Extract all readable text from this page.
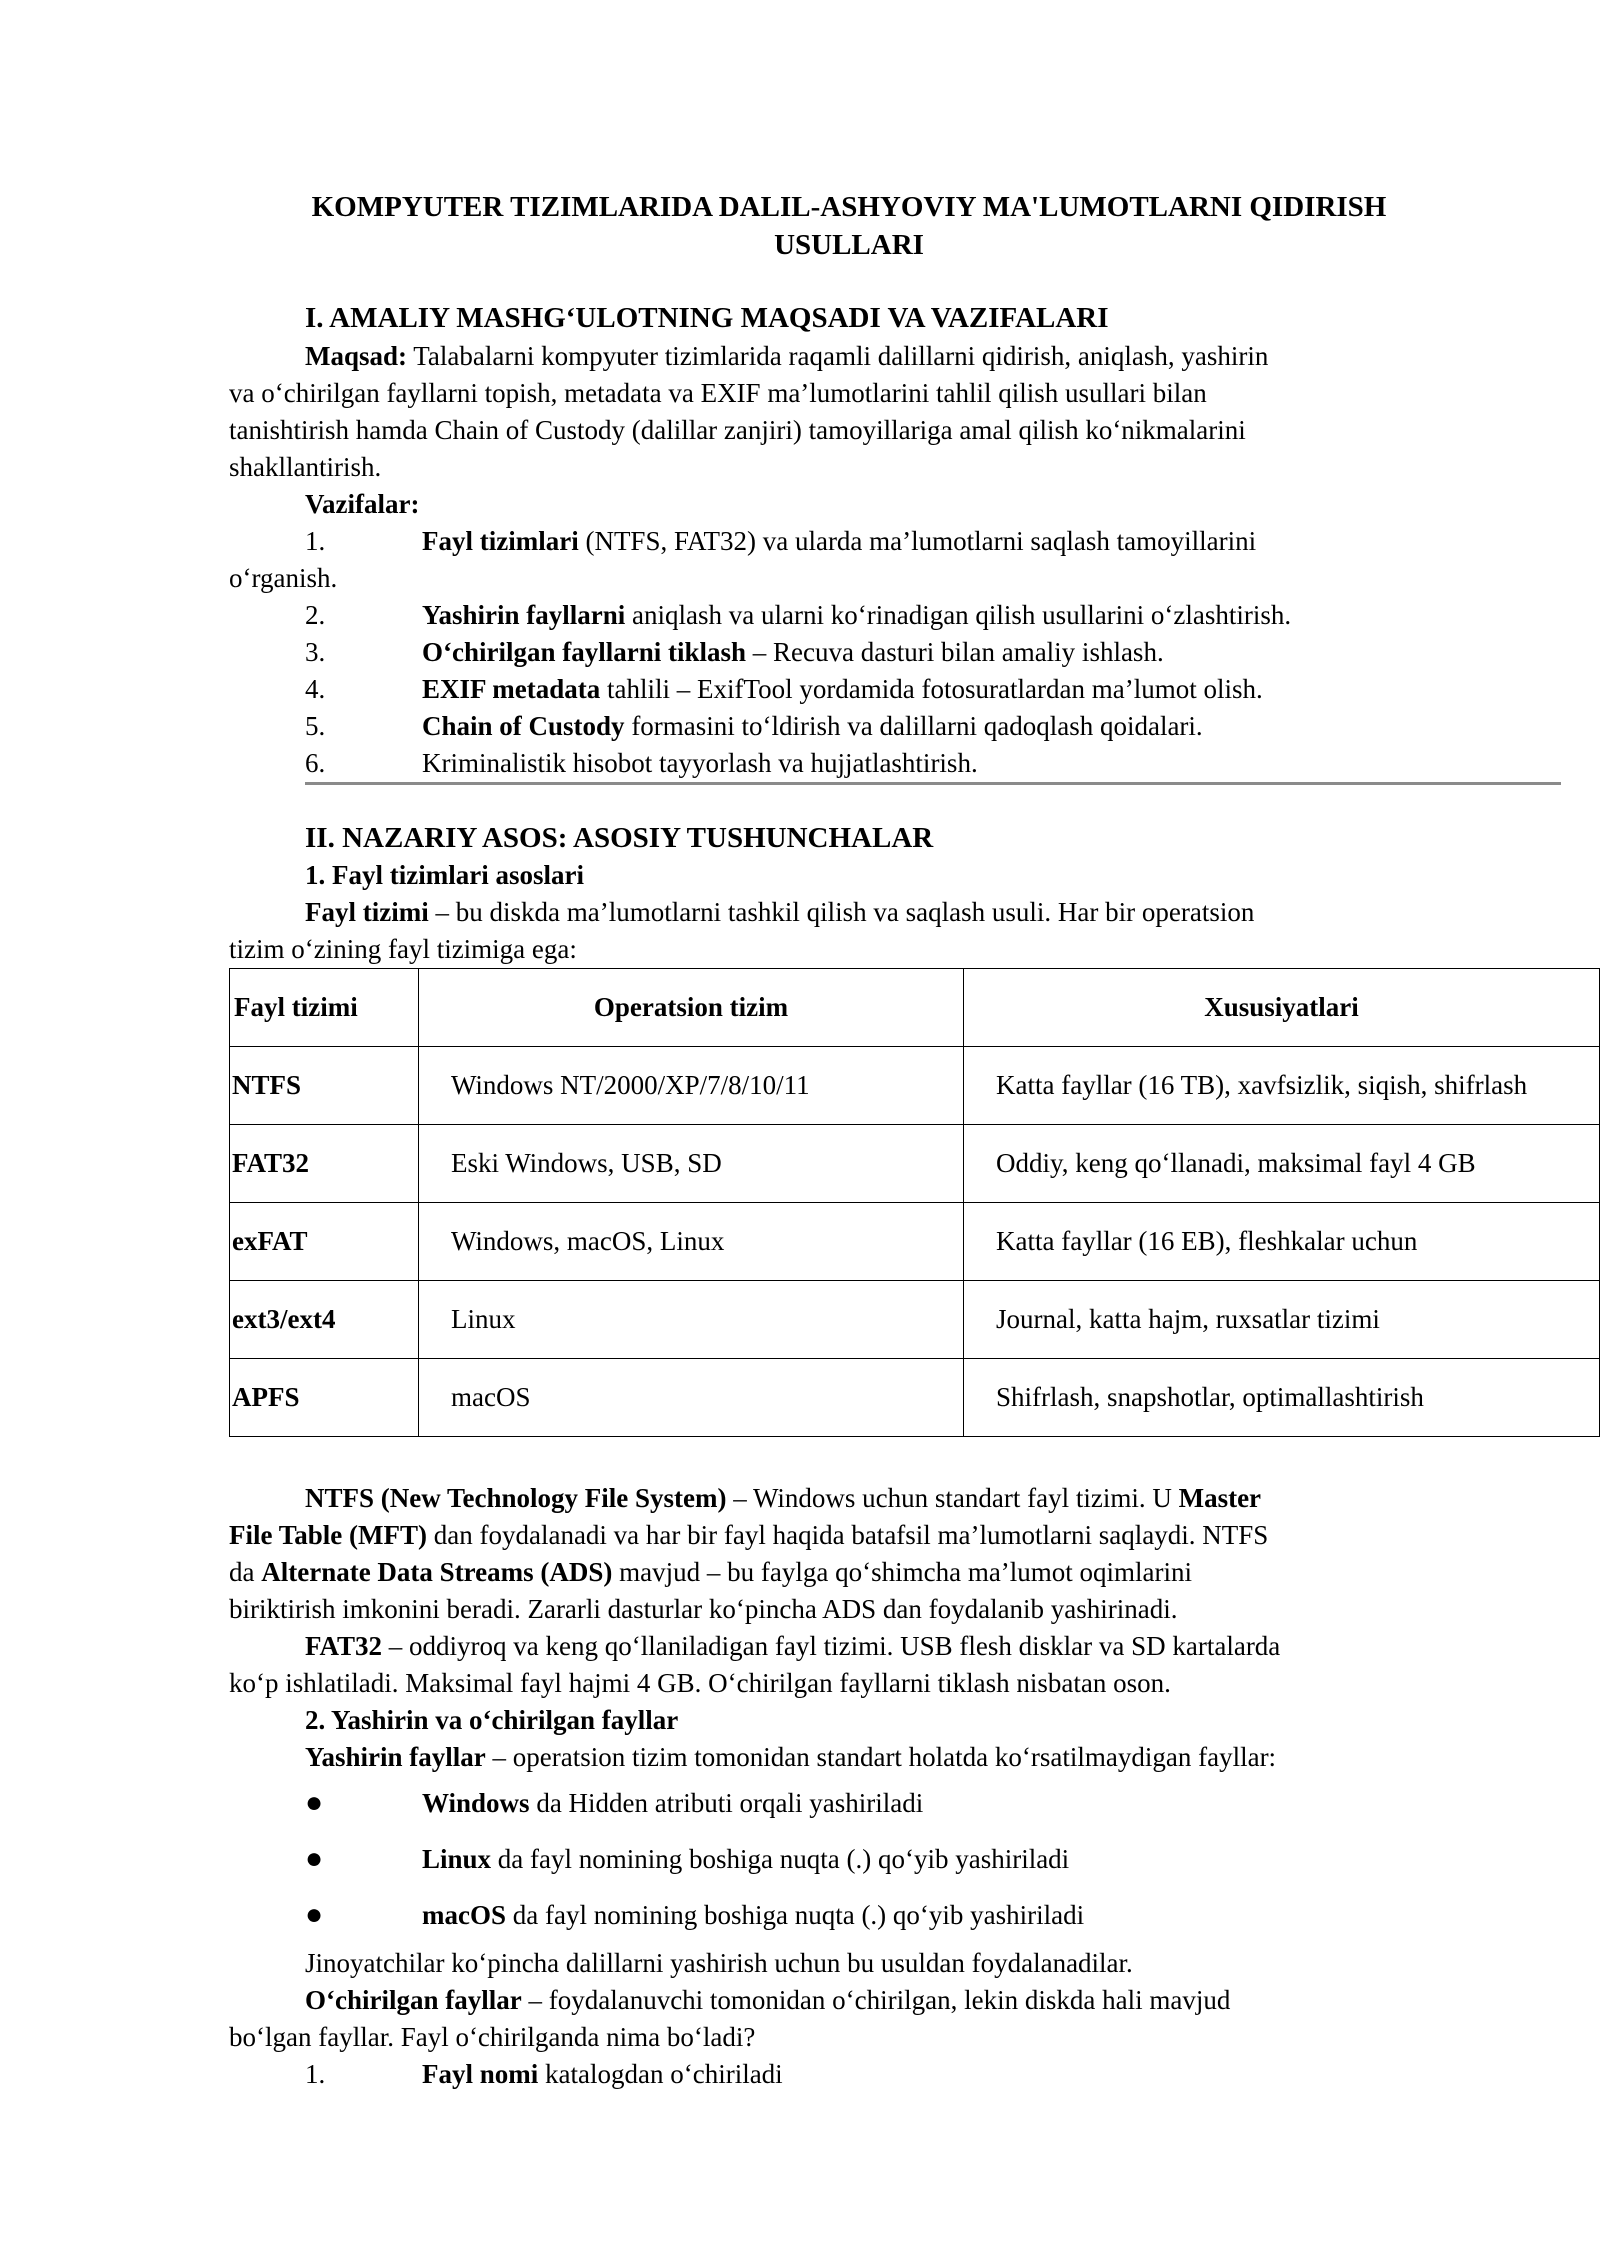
KOMPYUTER TIZIMLARIDA DALIL-ASHYOVIY MA'LUMOTLARNI QIDIRISH
USULLARI
I. AMALIY MASHG‘ULOTNING MAQSADI VA VAZIFALARI
Maqsad: Talabalarni kompyuter tizimlarida raqamli dalillarni qidirish, aniqlash, yashirin
va o‘chirilgan fayllarni topish, metadata va EXIF ma’lumotlarini tahlil qilish usullari bilan
tanishtirish hamda Chain of Custody (dalillar zanjiri) tamoyillariga amal qilish ko‘nikmalarini
shakllantirish.
Vazifalar:
1.	Fayl tizimlari (NTFS, FAT32) va ularda ma’lumotlarni saqlash tamoyillarini
o‘rganish.
2.	Yashirin fayllarni aniqlash va ularni ko‘rinadigan qilish usullarini o‘zlashtirish.
3.	O‘chirilgan fayllarni tiklash – Recuva dasturi bilan amaliy ishlash.
4.	EXIF metadata tahlili – ExifTool yordamida fotosuratlardan ma’lumot olish.
5.	Chain of Custody formasini to‘ldirish va dalillarni qadoqlash qoidalari.
6.	Kriminalistik hisobot tayyorlash va hujjatlashtirish.
II. NAZARIY ASOS: ASOSIY TUSHUNCHALAR
1. Fayl tizimlari asoslari
Fayl tizimi – bu diskda ma’lumotlarni tashkil qilish va saqlash usuli. Har bir operatsion
tizim o‘zining fayl tizimiga ega:
Fayl tizimi	Operatsion tizim	Xususiyatlari
NTFS	Windows NT/2000/XP/7/8/10/11	Katta fayllar (16 TB), xavfsizlik, siqish, shifrlash
FAT32	Eski Windows, USB, SD	Oddiy, keng qo‘llanadi, maksimal fayl 4 GB
exFAT	Windows, macOS, Linux	Katta fayllar (16 EB), fleshkalar uchun
ext3/ext4	Linux	Journal, katta hajm, ruxsatlar tizimi
APFS	macOS	Shifrlash, snapshotlar, optimallashtirish
NTFS (New Technology File System) – Windows uchun standart fayl tizimi. U Master
File Table (MFT) dan foydalanadi va har bir fayl haqida batafsil ma’lumotlarni saqlaydi. NTFS
da Alternate Data Streams (ADS) mavjud – bu faylga qo‘shimcha ma’lumot oqimlarini
biriktirish imkonini beradi. Zararli dasturlar ko‘pincha ADS dan foydalanib yashirinadi.
FAT32 – oddiyroq va keng qo‘llaniladigan fayl tizimi. USB flesh disklar va SD kartalarda
ko‘p ishlatiladi. Maksimal fayl hajmi 4 GB. O‘chirilgan fayllarni tiklash nisbatan oson.
2. Yashirin va o‘chirilgan fayllar
Yashirin fayllar – operatsion tizim tomonidan standart holatda ko‘rsatilmaydigan fayllar:
●	Windows da Hidden atributi orqali yashiriladi
●	Linux da fayl nomining boshiga nuqta (.) qo‘yib yashiriladi
●	macOS da fayl nomining boshiga nuqta (.) qo‘yib yashiriladi
Jinoyatchilar ko‘pincha dalillarni yashirish uchun bu usuldan foydalanadilar.
O‘chirilgan fayllar – foydalanuvchi tomonidan o‘chirilgan, lekin diskda hali mavjud
bo‘lgan fayllar. Fayl o‘chirilganda nima bo‘ladi?
1.	Fayl nomi katalogdan o‘chiriladi
